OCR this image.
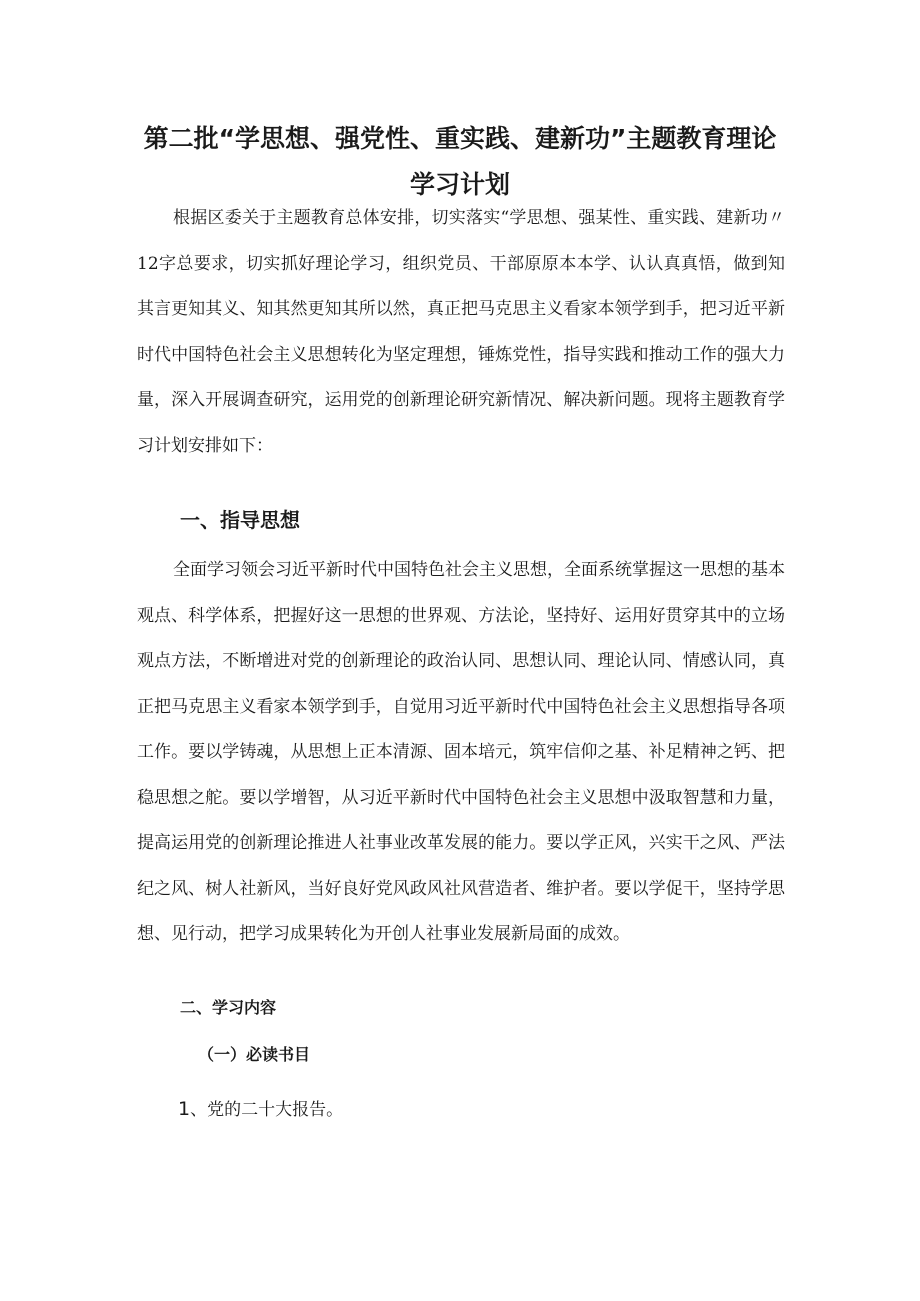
第二批“学思想、强党性、重实践、建新功”主题教育理论学习计划

根据区委关于主题教育总体安排，切实落实“学思想、强某性、重实践、建新功〃12字总要求，切实抓好理论学习，组织党员、干部原原本本学、认认真真悟，做到知其言更知其义、知其然更知其所以然，真正把马克思主义看家本领学到手，把习近平新时代中国特色社会主义思想转化为坚定理想，锤炼党性，指导实践和推动工作的强大力量，深入开展调查研究，运用党的创新理论研究新情况、解决新问题。现将主题教育学习计划安排如下：

一、指导思想

全面学习领会习近平新时代中国特色社会主义思想，全面系统掌握这一思想的基本观点、科学体系，把握好这一思想的世界观、方法论，坚持好、运用好贯穿其中的立场观点方法，不断增进对党的创新理论的政治认同、思想认同、理论认同、情感认同，真正把马克思主义看家本领学到手，自觉用习近平新时代中国特色社会主义思想指导各项工作。要以学铸魂，从思想上正本清源、固本培元，筑牢信仰之基、补足精神之钙、把稳思想之舵。要以学增智，从习近平新时代中国特色社会主义思想中汲取智慧和力量，提高运用党的创新理论推进人社事业改革发展的能力。要以学正风，兴实干之风、严法纪之风、树人社新风，当好良好党风政风社风营造者、维护者。要以学促干，坚持学思想、见行动，把学习成果转化为开创人社事业发展新局面的成效。

二、学习内容
（一）必读书目

1、党的二十大报告。
